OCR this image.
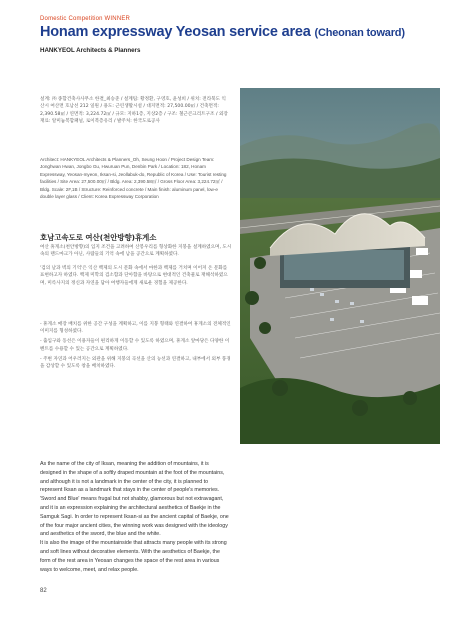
Domestic Competition WINNER
Honam expressway Yeosan service area (Cheonan toward)
HANKYEOL Architects & Planners
설계: ㈜ 종합건축사사무소 한결_최승준 / 설계팀: 황정환, 구영호, 윤성희 / 위치: 전라북도 익산시 여산면 호남선 212 일원 / 용도: 근린생활시설 / 대지면적: 27,500.00㎡ / 건축면적: 2,390.58㎡ / 연면적: 3,224.72㎡ / 규모: 지하1층, 지상2층 / 구조: 철근콘크리트구조 / 외장재료: 알미늄복합패널, 로이복층유리 / 발주처: 한국도로공사
Architect: HANKYEOL Architects & Planners_Oh, Seung Hoon / Project Design Team: Jonghwan Hwan, Jongbo Gu, Hwuruan Pun, Denbin Park / Location: 182, Honam Expressway, Yeosan-myeon, Iksan-si, Jeollabuk-do, Republic of Korea / Use: Tourist resting facilities / Site Area: 27,500.00㎡ / Bldg. Area: 2,390.58㎡ / Gross Floor Area: 3,224.72㎡ / Bldg. Scale: 2F,1B / Structure: Reinforced concrete / Main finish: aluminum panel, low-e double layer glass / Client: Korea Expressway Corporation
호남고속도로 여산(천안방향)휴게소

여산 휴게소(천안방향)의 입지 조건을 고려하여 산봉우리를 형상화한 지붕을 설계하였으며, 도시 속의 랜드마크가 아닌, 사람들의 기억 속에 남을 공간으로 계획하였다.

'검의 날과 벽의 기억'은 익산 백제의 도시 문화 속에서 마한과 백제를 거치며 이어져 온 문화를 표현하고자 하였다. 백제 미학의 검소함과 단아함을 바탕으로 현대적인 건축물로 재해석하였으며, 미륵사지의 정신과 자연을 담아 여행자들에게 새로운 경험을 제공한다.

- 휴게소 매장 배치를 위한 공간 구성을 계획하고, 이를 지붕 형태와 연결하여 휴게소의 전체적인 이미지를 형성하였다.
- 출입구와 동선은 이용자들이 편리하게 이동할 수 있도록 하였으며, 휴게소 앞마당은 다양한 이벤트를 수용할 수 있는 공간으로 계획하였다.
- 주변 자연과 어우러지는 외관을 위해 지붕의 곡선을 산의 능선과 연결하고, 내부에서 외부 풍경을 감상할 수 있도록 창을 배치하였다.

As the name of the city of Iksan, meaning the addition of mountains, it is designed in the shape of a softly draped mountain at the foot of the mountains, and although it is not a landmark in the center of the city, it is planned to represent Iksan as a landmark that stays in the center of people's memories.

'Sword and Blue' means frugal but not shabby, glamorous but not extravagant, and it is an expression explaining the architectural aesthetics of Baekje in the Samguk Sagi. In order to represent Iksan-si as the ancient capital of Baekje, one of the four major ancient cities, the winning work was designed with the ideology and aesthetics of the sword, the blue and the white.

It is also the image of the mountainside that attracts many people with its strong and soft lines without decorative elements. With the aesthetics of Baekje, the form of the rest area in Yeosan changes the space of the rest area in various ways to welcome, meet, and relax people.

82
